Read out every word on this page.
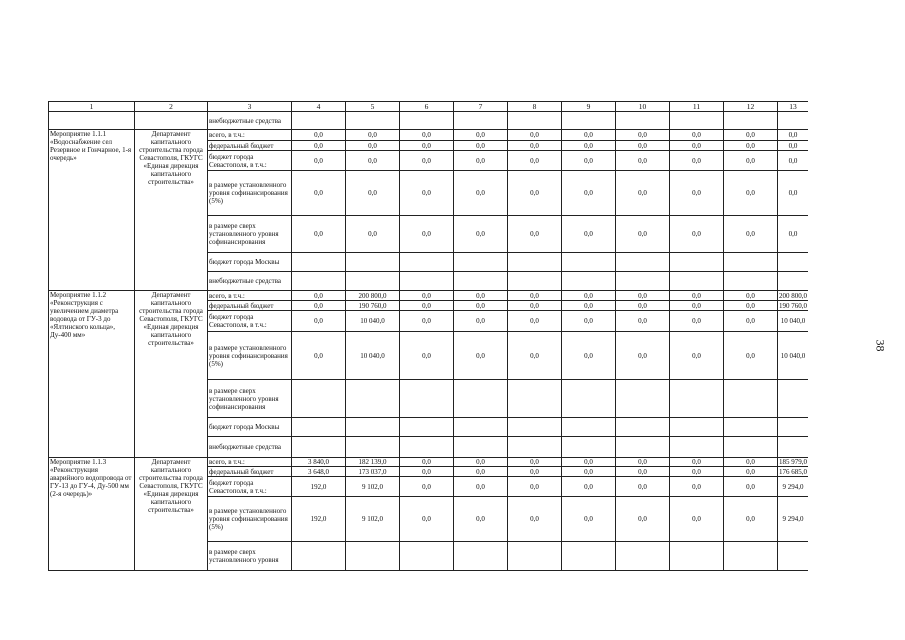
1	2	3	4	5	6	7	8	9	10	11	12	13
		внебюджетные средства										
Мероприятие 1.1.1 «Водоснабжение сел Резервное и Гончарное, 1-я очередь»	Департамент капитального строительства города Севастополя, ГКУГС «Единая дирекция капитального строительства»	всего, в т.ч.:	0,0	0,0	0,0	0,0	0,0	0,0	0,0	0,0	0,0	0,0
		федеральный бюджет	0,0	0,0	0,0	0,0	0,0	0,0	0,0	0,0	0,0	0,0
		бюджет города Севастополя, в т.ч.:	0,0	0,0	0,0	0,0	0,0	0,0	0,0	0,0	0,0	0,0
		в размере установленного уровня софинансирования (5%)	0,0	0,0	0,0	0,0	0,0	0,0	0,0	0,0	0,0	0,0
		в размере сверх установленного уровня софинансирования	0,0	0,0	0,0	0,0	0,0	0,0	0,0	0,0	0,0	0,0
		бюджет города Москвы										
		внебюджетные средства										
Мероприятие 1.1.2 «Реконструкция с увеличением диаметра водовода от ГУ-3 до «Ялтинского кольца», Ду-400 мм»	Департамент капитального строительства города Севастополя, ГКУГС «Единая дирекция капитального строительства»	всего, в т.ч.:	0,0	200 800,0	0,0	0,0	0,0	0,0	0,0	0,0	0,0	200 800,0
		федеральный бюджет	0,0	190 760,0	0,0	0,0	0,0	0,0	0,0	0,0	0,0	190 760,0
		бюджет города Севастополя, в т.ч.:	0,0	10 040,0	0,0	0,0	0,0	0,0	0,0	0,0	0,0	10 040,0
		в размере установленного уровня софинансирования (5%)	0,0	10 040,0	0,0	0,0	0,0	0,0	0,0	0,0	0,0	10 040,0
		в размере сверх установленного уровня софинансирования										
		бюджет города Москвы										
		внебюджетные средства										
Мероприятие 1.1.3 «Реконструкция аварийного водопровода от ГУ-13 до ГУ-4, Ду-500 мм (2-я очередь)»	Департамент капитального строительства города Севастополя, ГКУГС «Единая дирекция капитального строительства»	всего, в т.ч.:	3 840,0	182 139,0	0,0	0,0	0,0	0,0	0,0	0,0	0,0	185 979,0
		федеральный бюджет	3 648,0	173 037,0	0,0	0,0	0,0	0,0	0,0	0,0	0,0	176 685,0
		бюджет города Севастополя, в т.ч.:	192,0	9 102,0	0,0	0,0	0,0	0,0	0,0	0,0	0,0	9 294,0
		в размере установленного уровня софинансирования (5%)	192,0	9 102,0	0,0	0,0	0,0	0,0	0,0	0,0	0,0	9 294,0
		в размере сверх установленного уровня										
38
